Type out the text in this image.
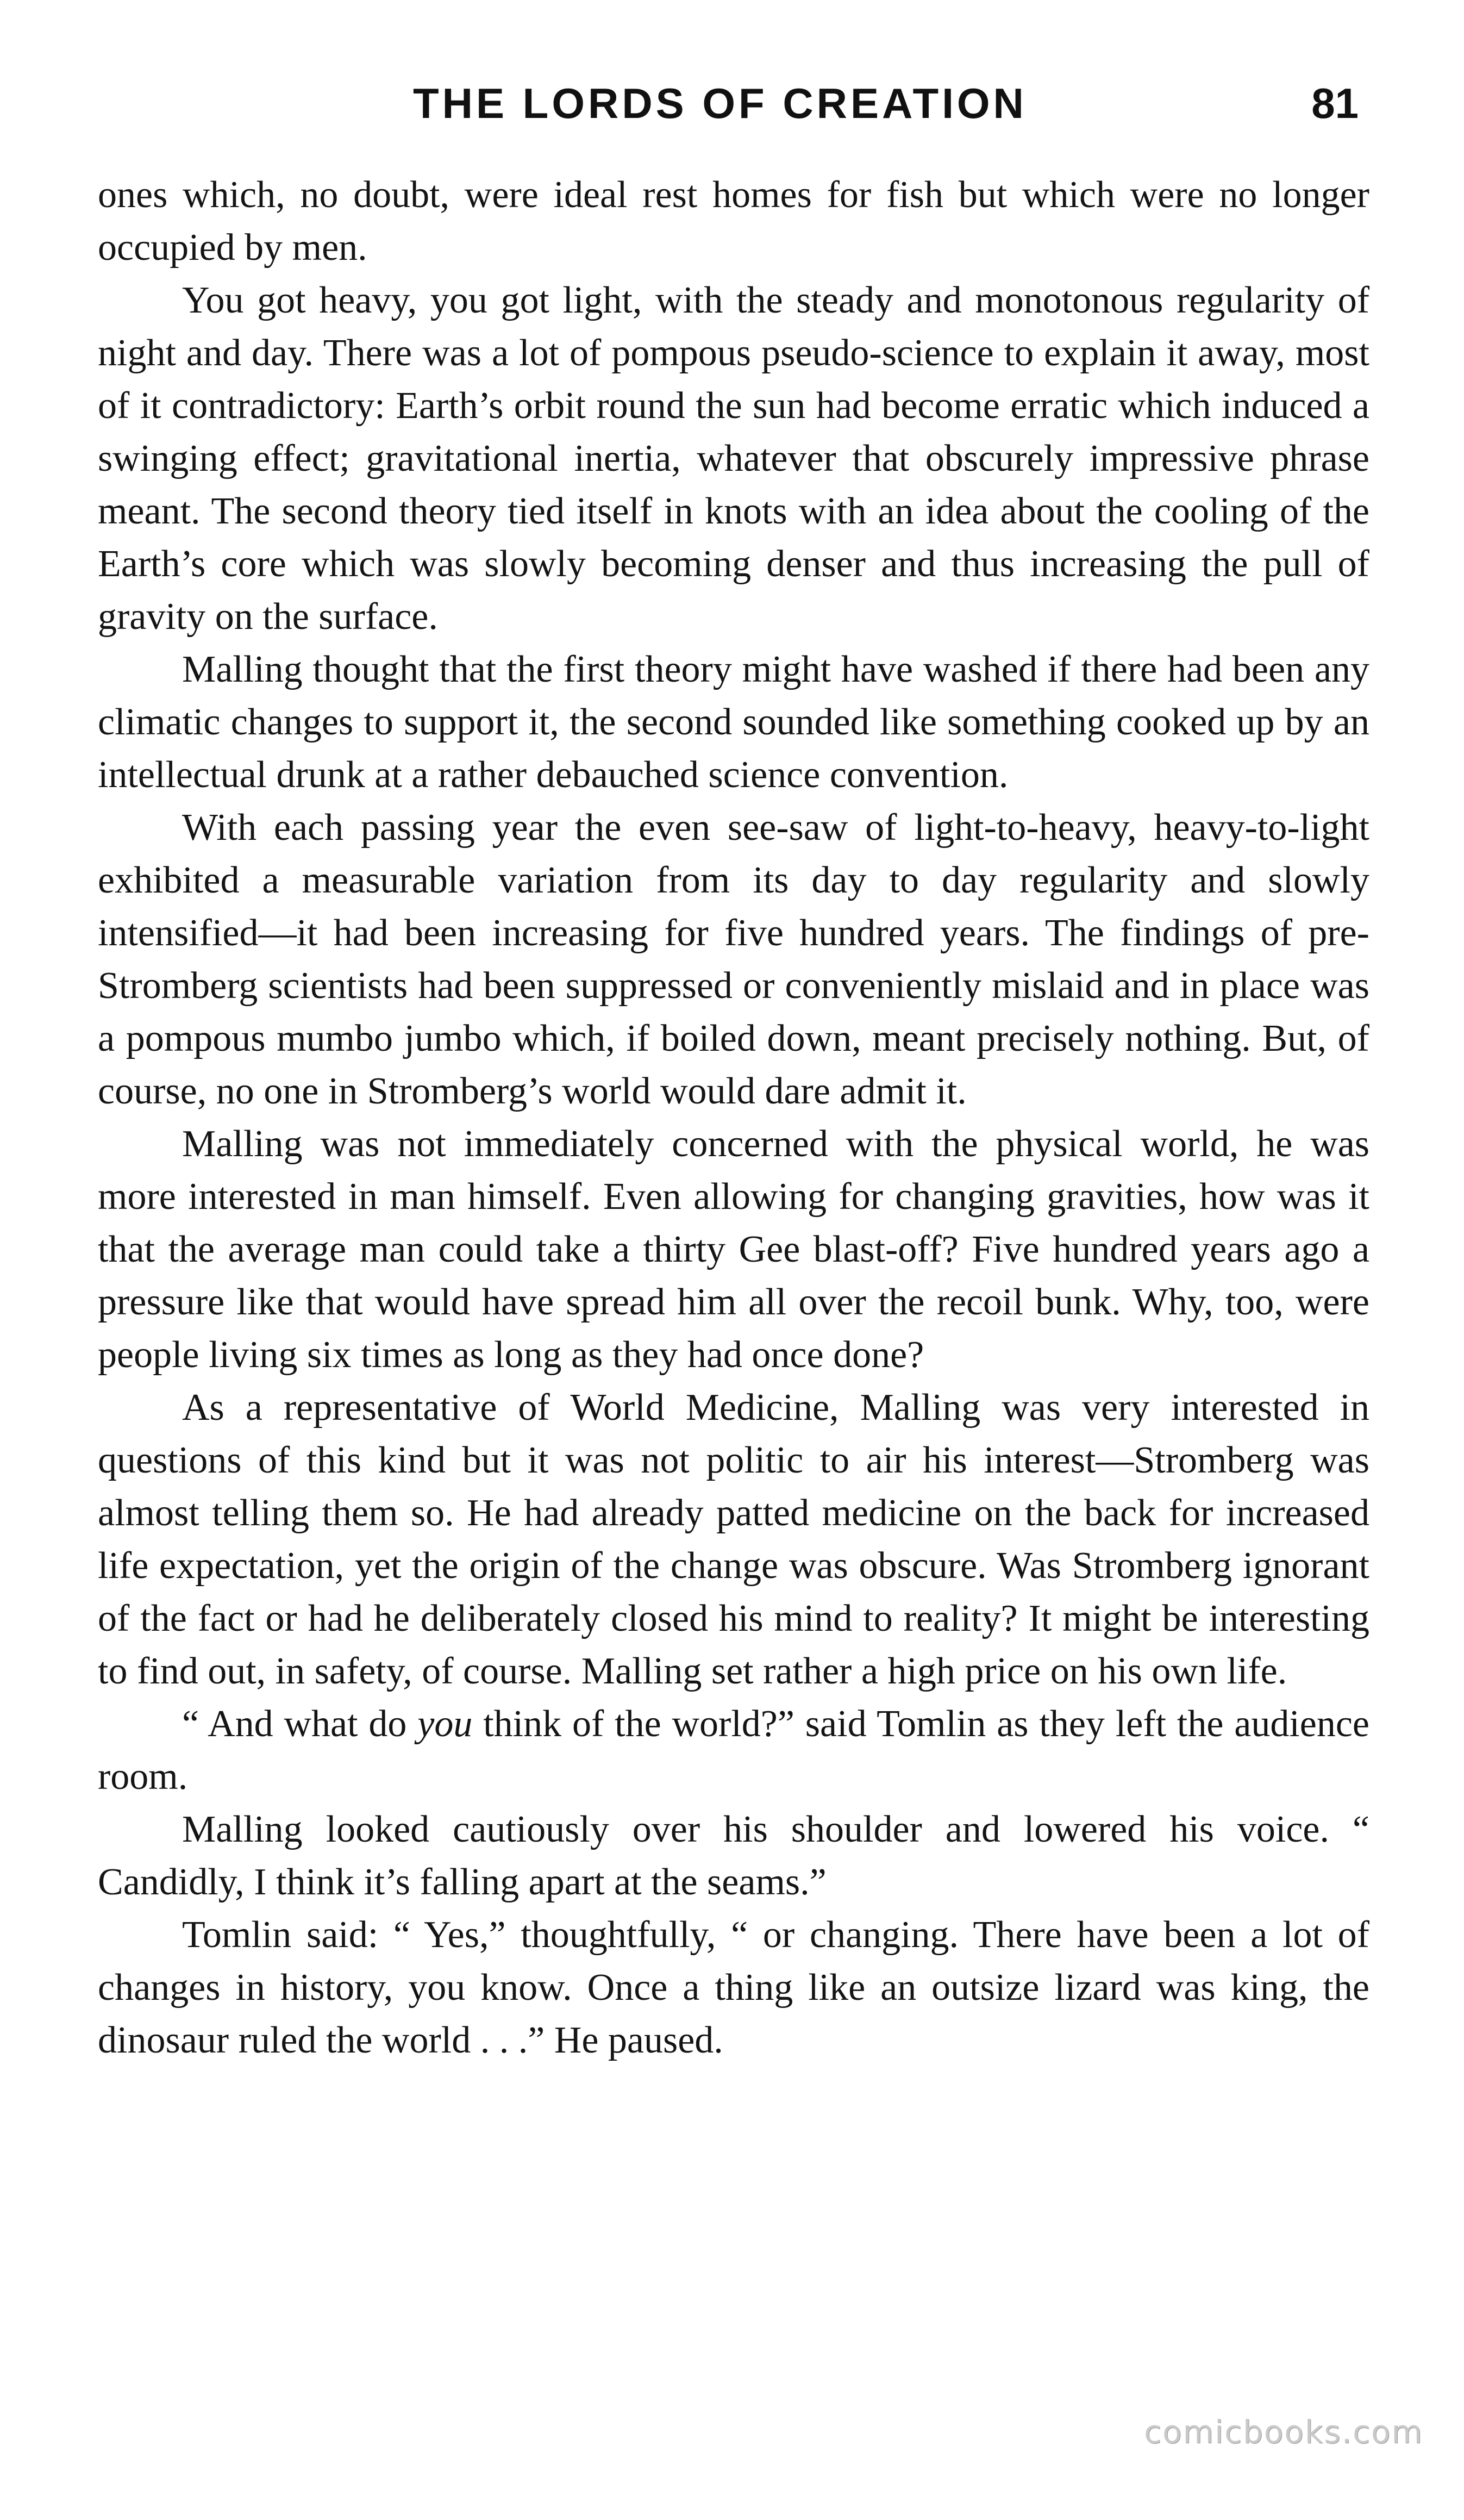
THE LORDS OF CREATION	81

ones which, no doubt, were ideal rest homes for fish but which were no longer occupied by men.

You got heavy, you got light, with the steady and monotonous regularity of night and day. There was a lot of pompous pseudo-science to explain it away, most of it contradictory: Earth’s orbit round the sun had become erratic which induced a swinging effect; gravitational inertia, whatever that obscurely impressive phrase meant. The second theory tied itself in knots with an idea about the cooling of the Earth’s core which was slowly becoming denser and thus increasing the pull of gravity on the surface.

Malling thought that the first theory might have washed if there had been any climatic changes to support it, the second sounded like something cooked up by an intellectual drunk at a rather debauched science convention.

With each passing year the even see-saw of light-to-heavy, heavy-to-light exhibited a measurable variation from its day to day regularity and slowly intensified—it had been increasing for five hundred years. The findings of pre-Stromberg scientists had been suppressed or conveniently mislaid and in place was a pompous mumbo jumbo which, if boiled down, meant precisely nothing. But, of course, no one in Stromberg’s world would dare admit it.

Malling was not immediately concerned with the physical world, he was more interested in man himself. Even allowing for changing gravities, how was it that the average man could take a thirty Gee blast-off? Five hundred years ago a pressure like that would have spread him all over the recoil bunk. Why, too, were people living six times as long as they had once done?

As a representative of World Medicine, Malling was very interested in questions of this kind but it was not politic to air his interest—Stromberg was almost telling them so. He had already patted medicine on the back for increased life expectation, yet the origin of the change was obscure. Was Stromberg ignorant of the fact or had he deliberately closed his mind to reality? It might be interesting to find out, in safety, of course. Malling set rather a high price on his own life.

“ And what do you think of the world?” said Tomlin as they left the audience room.

Malling looked cautiously over his shoulder and lowered his voice. “ Candidly, I think it’s falling apart at the seams.”

Tomlin said: “ Yes,” thoughtfully, “ or changing. There have been a lot of changes in history, you know. Once a thing like an outsize lizard was king, the dinosaur ruled the world . . .” He paused.

comicbooks.com
